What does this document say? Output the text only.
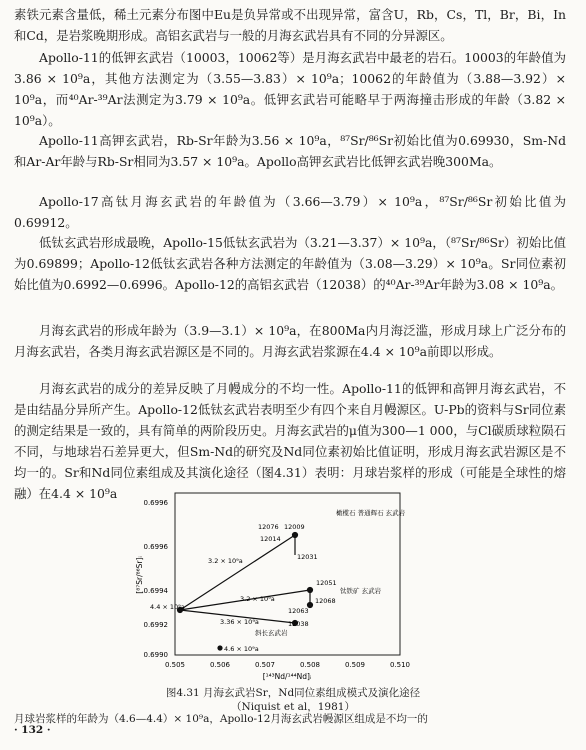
素铁元素含量低，稀土元素分布图中Eu是负异常或不出现异常，富含U，Rb，Cs，Tl，Br，Bi，In和Cd，是岩浆晚期形成。高铝玄武岩与一般的月海玄武岩具有不同的分异源区。

Apollo-11的低钾玄武岩（10003，10062等）是月海玄武岩中最老的岩石。10003的年龄值为3.86 × 10⁹a，其他方法测定为（3.55—3.83）× 10⁹a；10062的年龄值为（3.88—3.92）× 10⁹a，而⁴⁰Ar-³⁹Ar法测定为3.79 × 10⁹a。低钾玄武岩可能略早于两海撞击形成的年龄（3.82 × 10⁹a）。

Apollo-11高钾玄武岩，Rb-Sr年龄为3.56 × 10⁹a，⁸⁷Sr/⁸⁶Sr初始比值为0.69930，Sm-Nd和Ar-Ar年龄与Rb-Sr相同为3.57 × 10⁹a。Apollo高钾玄武岩比低钾玄武岩晚300Ma。

Apollo-17高钛月海玄武岩的年龄值为（3.66—3.79）× 10⁹a，⁸⁷Sr/⁸⁶Sr初始比值为0.69912。

低钛玄武岩形成最晚，Apollo-15低钛玄武岩为（3.21—3.37）× 10⁹a，（⁸⁷Sr/⁸⁶Sr）初始比值为0.69899；Apollo-12低钛玄武岩各种方法测定的年龄值为（3.08—3.29）× 10⁹a。Sr同位素初始比值为0.6992—0.6996。Apollo-12的高铝玄武岩（12038）的⁴⁰Ar-³⁹Ar年龄为3.08 × 10⁹a。

月海玄武岩的形成年龄为（3.9—3.1）× 10⁹a，在800Ma内月海泛滥，形成月球上广泛分布的月海玄武岩，各类月海玄武岩源区是不同的。月海玄武岩浆源在4.4 × 10⁹a前即以形成。

月海玄武岩的成分的差异反映了月幔成分的不均一性。Apollo-11的低钾和高钾月海玄武岩，不是由结晶分异所产生。Apollo-12低钛玄武岩表明至少有四个来自月幔源区。U-Pb的资料与Sr同位素的测定结果是一致的，具有简单的两阶段历史。月海玄武岩的μ值为300—1 000，与Cl碳质球粒陨石不同，与地球岩石差异更大，但Sm-Nd的研究及Nd同位素初始比值证明，形成月海玄武岩源区是不均一的。Sr和Nd同位素组成及其演化途径（图4.31）表明：月球岩浆样的形成（可能是全球性的熔融）在4.4 × 10⁹a

0.6996
0.6996
0.6994
0.6992
0.6990
0.505	0.506	0.507	0.508	0.509	0.510
[⁸⁷Sr/⁸⁶Sr]ᵢ
[¹⁴³Nd/¹⁴⁴Nd]ᵢ
12076 12009
12014
12031
12051
12063
12038
12068
3.2 × 10⁹a
3.2 × 10⁹a
3.36 × 10⁹a
4.4 × 10⁹a
4.6 × 10⁹a
橄榄石 普通辉石 玄武岩
钛铁矿 玄武岩
斜长玄武岩

图4.31 月海玄武岩Sr，Nd同位素组成模式及演化途径

（Niquist et al，1981）

月球岩浆样的年龄为（4.6—4.4）× 10⁹a，Apollo-12月海玄武岩幔源区组成是不均一的

· 132 ·
